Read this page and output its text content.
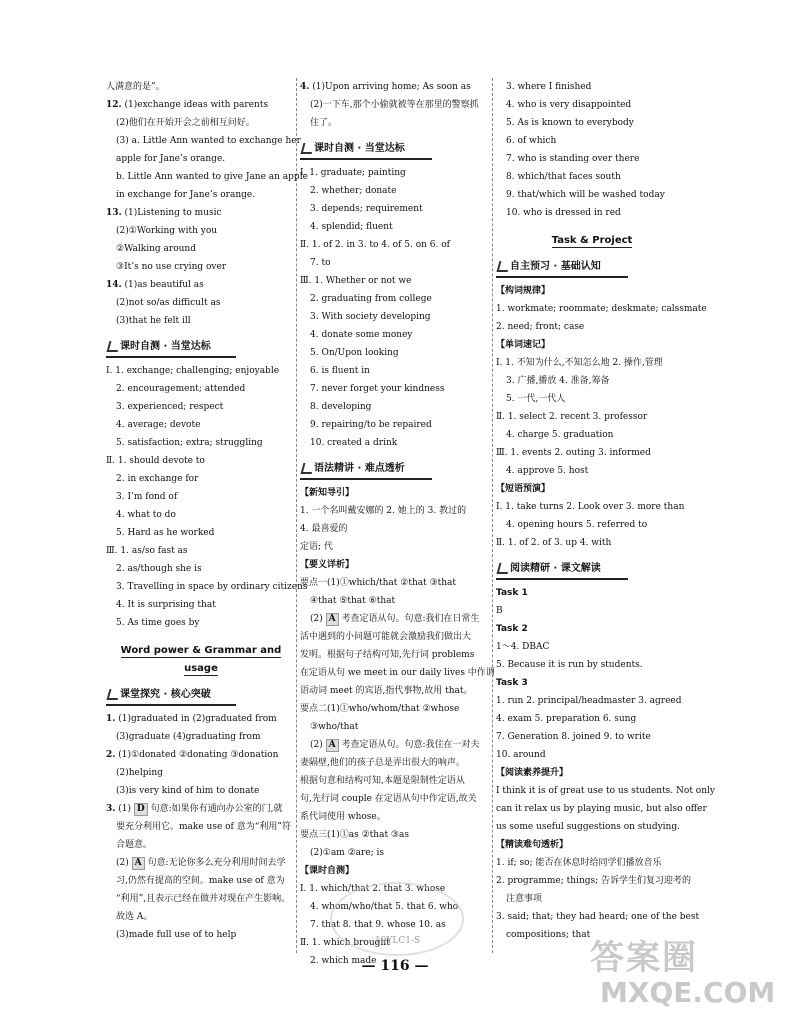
人满意的是”。
12. (1)exchange ideas with parents
(2)他们在开始开会之前相互问好。
(3) a. Little Ann wanted to exchange her
apple for Jane’s orange.
b. Little Ann wanted to give Jane an apple
in exchange for Jane’s orange.
13. (1)Listening to music
(2)①Working with you
②Walking around
③It’s no use crying over
14. (1)as beautiful as
(2)not so/as difficult as
(3)that he felt ill
课时自测 · 当堂达标
Ⅰ. 1. exchange; challenging; enjoyable
2. encouragement; attended
3. experienced; respect
4. average; devote
5. satisfaction; extra; struggling
Ⅱ. 1. should devote to
2. in exchange for
3. I’m fond of
4. what to do
5. Hard as he worked
Ⅲ. 1. as/so fast as
2. as/though she is
3. Travelling in space by ordinary citizens
4. It is surprising that
5. As time goes by
Word power & Grammar and usage
课堂探究 · 核心突破
1. (1)graduated in (2)graduated from
(3)graduate (4)graduating from
2. (1)①donated ②donating ③donation
(2)helping
(3)is very kind of him to donate
3. (1) D 句意:如果你有通向办公室的门,就
要充分利用它。make use of 意为“利用”符
合题意。
(2) A 句意:无论你多么充分利用时间去学
习,仍然有提高的空间。make use of 意为
“利用”,且表示已经在做并对现在产生影响。
故选 A。
(3)made full use of to help
4. (1)Upon arriving home; As soon as
(2)一下车,那个小偷就被等在那里的警察抓
住了。
课时自测 · 当堂达标
Ⅰ. 1. graduate; painting
2. whether; donate
3. depends; requirement
4. splendid; fluent
Ⅱ. 1. of 2. in 3. to 4. of 5. on 6. of
7. to
Ⅲ. 1. Whether or not we
2. graduating from college
3. With society developing
4. donate some money
5. On/Upon looking
6. is fluent in
7. never forget your kindness
8. developing
9. repairing/to be repaired
10. created a drink
语法精讲 · 难点透析
【新知导引】
1. 一个名叫戴安娜的 2. 她上的 3. 教过的
4. 最喜爱的
定语; 代
【要义详析】
要点一(1)①which/that ②that ③that
④that ⑤that ⑥that
(2) A 考查定语从句。句意:我们在日常生
活中遇到的小问题可能就会激励我们做出大
发明。根据句子结构可知,先行词 problems
在定语从句 we meet in our daily lives 中作谓
语动词 meet 的宾语,指代事物,故用 that。
要点二(1)①who/whom/that ②whose
③who/that
(2) A 考查定语从句。句意:我住在一对夫
妻隔壁,他们的孩子总是弄出很大的响声。
根据句意和结构可知,本题是限制性定语从
句,先行词 couple 在定语从句中作定语,故关
系代词使用 whose。
要点三(1)①as ②that ③as
(2)①am ②are; is
【课时自测】
Ⅰ. 1. which/that 2. that 3. whose
4. whom/who/that 5. that 6. who
7. that 8. that 9. whose 10. as
Ⅱ. 1. which brought
2. which made
3. where I finished
4. who is very disappointed
5. As is known to everybody
6. of which
7. who is standing over there
8. which/that faces south
9. that/which will be washed today
10. who is dressed in red
Task & Project
自主预习 · 基础认知
【构词规律】
1. workmate; roommate; deskmate; calssmate
2. need; front; case
【单词速记】
Ⅰ. 1. 不知为什么,不知怎么地 2. 操作,管理
3. 广播,播放 4. 准备,筹备
5. 一代,一代人
Ⅱ. 1. select 2. recent 3. professor
4. charge 5. graduation
Ⅲ. 1. events 2. outing 3. informed
4. approve 5. host
【短语预演】
Ⅰ. 1. take turns 2. Look over 3. more than
4. opening hours 5. referred to
Ⅱ. 1. of 2. of 3. up 4. with
阅读精研 · 课文解读
Task 1
B
Task 2
1～4. DBAC
5. Because it is run by students.
Task 3
1. run 2. principal/headmaster 3. agreed
4. exam 5. preparation 6. sung
7. Generation 8. joined 9. to write
10. around
【阅读素养提升】
I think it is of great use to us students. Not only
can it relax us by playing music, but also offer
us some useful suggestions on studying.
【精读难句透析】
1. if; so; 能否在休息时给同学们播放音乐
2. programme; things; 告诉学生们复习迎考的
注意事项
3. said; that; they had heard; one of the best
compositions; that
— 116 —
19YLC1-S	答案圈
MXQE.COM
